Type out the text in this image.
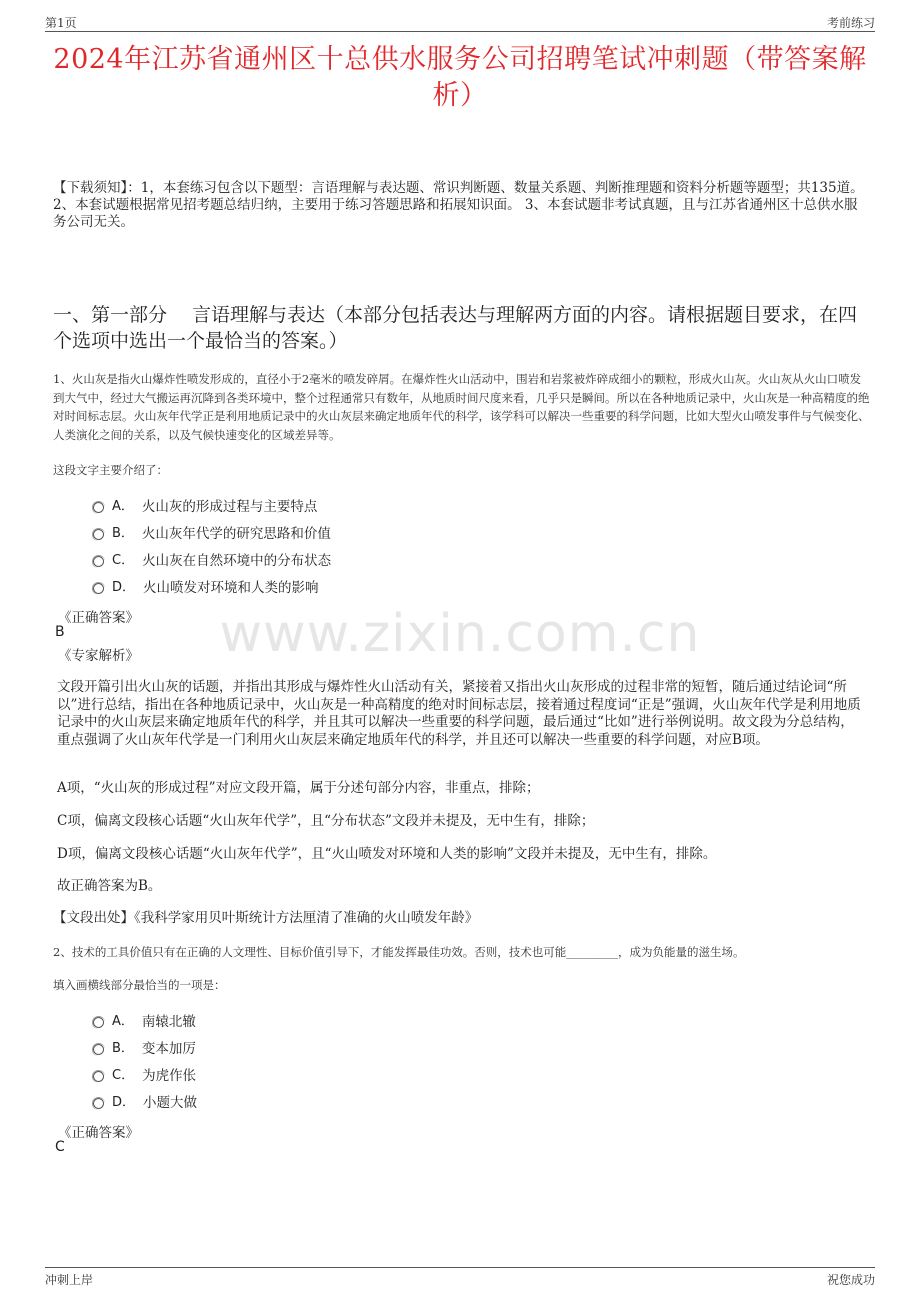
第1页	考前练习
2024年江苏省通州区十总供水服务公司招聘笔试冲刺题（带答案解析）
【下载须知】：1，本套练习包含以下题型：言语理解与表达题、常识判断题、数量关系题、判断推理题和资料分析题等题型；共135道。 2、本套试题根据常见招考题总结归纳，主要用于练习答题思路和拓展知识面。 3、本套试题非考试真题，且与江苏省通州区十总供水服务公司无关。
一、第一部分　 言语理解与表达（本部分包括表达与理解两方面的内容。请根据题目要求，在四个选项中选出一个最恰当的答案。）
www.zixin.com.cn
1、火山灰是指火山爆炸性喷发形成的，直径小于2毫米的喷发碎屑。在爆炸性火山活动中，围岩和岩浆被炸碎成细小的颗粒，形成火山灰。火山灰从火山口喷发到大气中，经过大气搬运再沉降到各类环境中，整个过程通常只有数年，从地质时间尺度来看，几乎只是瞬间。所以在各种地质记录中，火山灰是一种高精度的绝对时间标志层。火山灰年代学正是利用地质记录中的火山灰层来确定地质年代的科学，该学科可以解决一些重要的科学问题，比如大型火山喷发事件与气候变化、人类演化之间的关系，以及气候快速变化的区域差异等。
这段文字主要介绍了：
A． 火山灰的形成过程与主要特点
B． 火山灰年代学的研究思路和价值
C． 火山灰在自然环境中的分布状态
D． 火山喷发对环境和人类的影响
《正确答案》
B
《专家解析》
文段开篇引出火山灰的话题，并指出其形成与爆炸性火山活动有关，紧接着又指出火山灰形成的过程非常的短暂，随后通过结论词“所以”进行总结，指出在各种地质记录中，火山灰是一种高精度的绝对时间标志层，接着通过程度词“正是”强调，火山灰年代学是利用地质记录中的火山灰层来确定地质年代的科学，并且其可以解决一些重要的科学问题，最后通过“比如”进行举例说明。故文段为分总结构，重点强调了火山灰年代学是一门利用火山灰层来确定地质年代的科学，并且还可以解决一些重要的科学问题，对应B项。
A项，“火山灰的形成过程”对应文段开篇，属于分述句部分内容，非重点，排除；
C项，偏离文段核心话题“火山灰年代学”，且“分布状态”文段并未提及，无中生有，排除；
D项，偏离文段核心话题“火山灰年代学”，且“火山喷发对环境和人类的影响”文段并未提及，无中生有，排除。
故正确答案为B。
【文段出处】《我科学家用贝叶斯统计方法厘清了准确的火山喷发年龄》
2、技术的工具价值只有在正确的人文理性、目标价值引导下，才能发挥最佳功效。否则，技术也可能_________，成为负能量的滋生场。
填入画横线部分最恰当的一项是：
A． 南辕北辙
B． 变本加厉
C． 为虎作伥
D． 小题大做
《正确答案》
C
冲刺上岸	祝您成功
